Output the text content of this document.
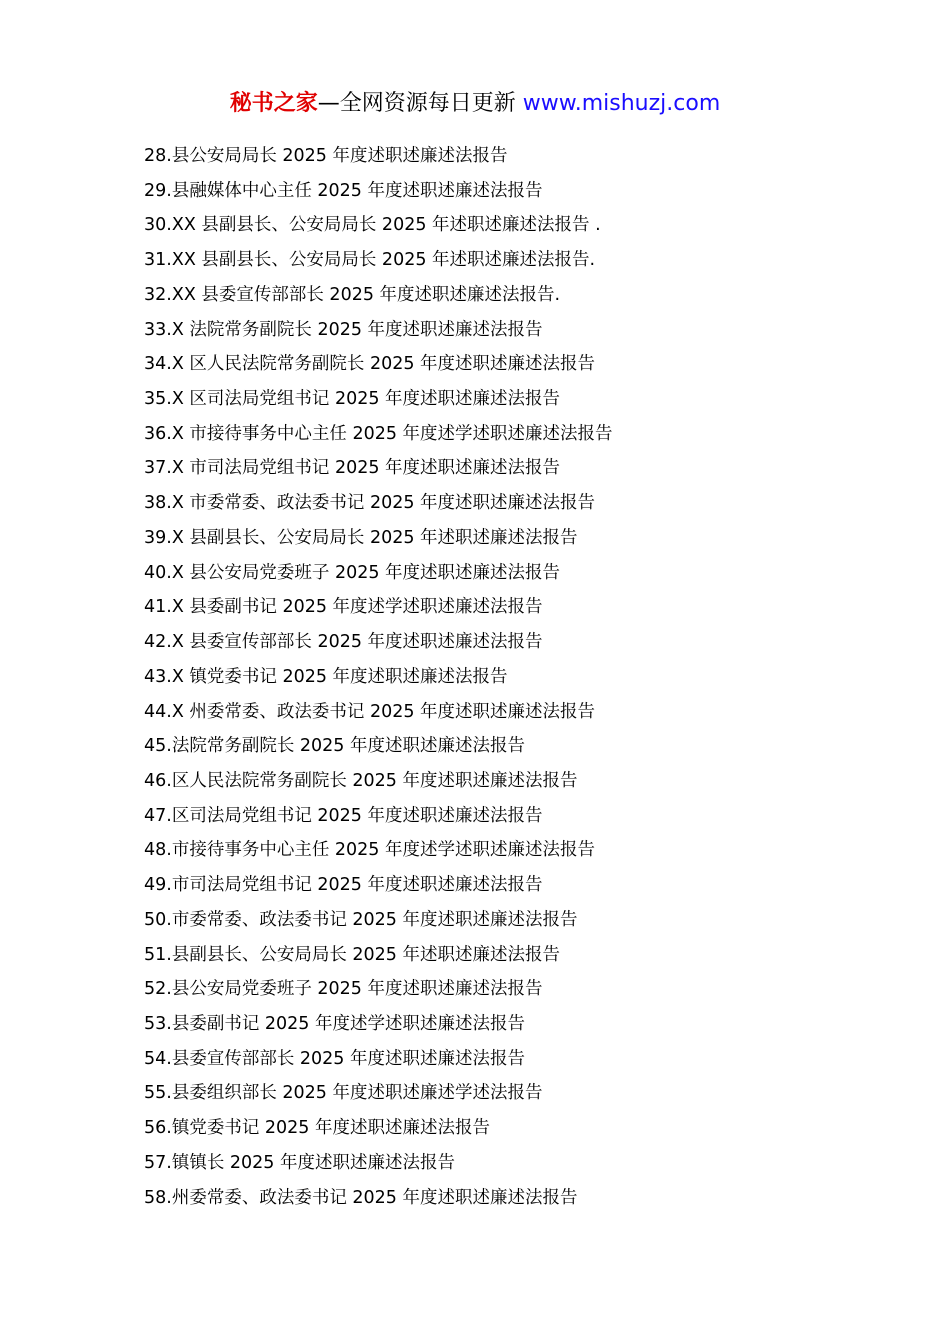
秘书之家—全网资源每日更新 www.mishuzj.com
28.县公安局局长 2025 年度述职述廉述法报告
29.县融媒体中心主任 2025 年度述职述廉述法报告
30.XX 县副县长、公安局局长 2025 年述职述廉述法报告 .
31.XX 县副县长、公安局局长 2025 年述职述廉述法报告.
32.XX 县委宣传部部长 2025 年度述职述廉述法报告.
33.X 法院常务副院长 2025 年度述职述廉述法报告
34.X 区人民法院常务副院长 2025 年度述职述廉述法报告
35.X 区司法局党组书记 2025 年度述职述廉述法报告
36.X 市接待事务中心主任 2025 年度述学述职述廉述法报告
37.X 市司法局党组书记 2025 年度述职述廉述法报告
38.X 市委常委、政法委书记 2025 年度述职述廉述法报告
39.X 县副县长、公安局局长 2025 年述职述廉述法报告
40.X 县公安局党委班子 2025 年度述职述廉述法报告
41.X 县委副书记 2025 年度述学述职述廉述法报告
42.X 县委宣传部部长 2025 年度述职述廉述法报告
43.X 镇党委书记 2025 年度述职述廉述法报告
44.X 州委常委、政法委书记 2025 年度述职述廉述法报告
45.法院常务副院长 2025 年度述职述廉述法报告
46.区人民法院常务副院长 2025 年度述职述廉述法报告
47.区司法局党组书记 2025 年度述职述廉述法报告
48.市接待事务中心主任 2025 年度述学述职述廉述法报告
49.市司法局党组书记 2025 年度述职述廉述法报告
50.市委常委、政法委书记 2025 年度述职述廉述法报告
51.县副县长、公安局局长 2025 年述职述廉述法报告
52.县公安局党委班子 2025 年度述职述廉述法报告
53.县委副书记 2025 年度述学述职述廉述法报告
54.县委宣传部部长 2025 年度述职述廉述法报告
55.县委组织部长 2025 年度述职述廉述学述法报告
56.镇党委书记 2025 年度述职述廉述法报告
57.镇镇长 2025 年度述职述廉述法报告
58.州委常委、政法委书记 2025 年度述职述廉述法报告
